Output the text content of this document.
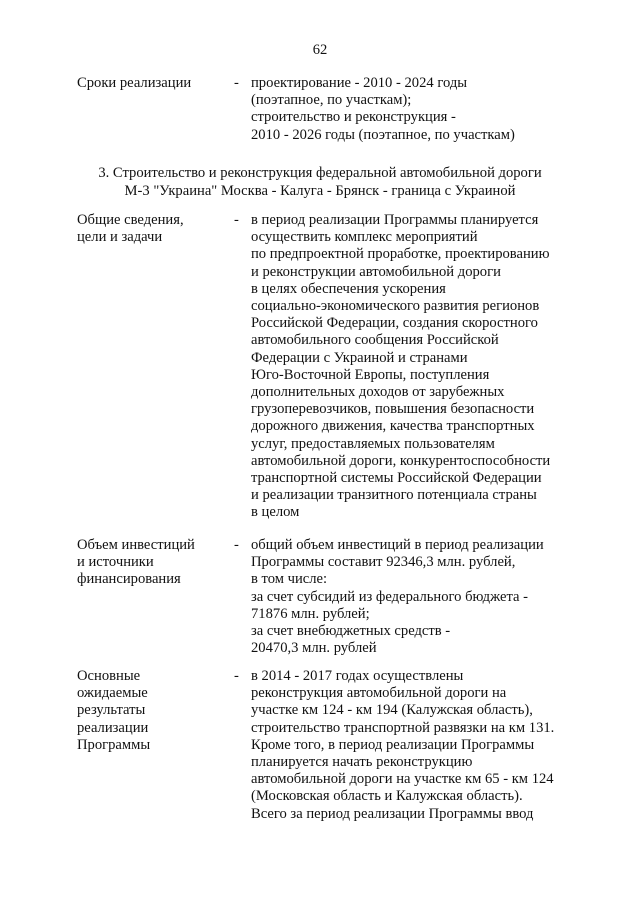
62
Сроки реализации	- проектирование - 2010 - 2024 годы
(поэтапное, по участкам);
строительство и реконструкция -
2010 - 2026 годы (поэтапное, по участкам)
3. Строительство и реконструкция федеральной автомобильной дороги
М-3 "Украина" Москва - Калуга - Брянск - граница с Украиной
Общие сведения,
цели и задачи
- в период реализации Программы планируется
осуществить комплекс мероприятий
по предпроектной проработке, проектированию
и реконструкции автомобильной дороги
в целях обеспечения ускорения
социально-экономического развития регионов
Российской Федерации, создания скоростного
автомобильного сообщения Российской
Федерации с Украиной и странами
Юго-Восточной Европы, поступления
дополнительных доходов от зарубежных
грузоперевозчиков, повышения безопасности
дорожного движения, качества транспортных
услуг, предоставляемых пользователям
автомобильной дороги, конкурентоспособности
транспортной системы Российской Федерации
и реализации транзитного потенциала страны
в целом
Объем инвестиций
и источники
финансирования
- общий объем инвестиций в период реализации
Программы составит 92346,3 млн. рублей,
в том числе:
за счет субсидий из федерального бюджета -
71876 млн. рублей;
за счет внебюджетных средств -
20470,3 млн. рублей
Основные
ожидаемые
результаты
реализации
Программы
- в 2014 - 2017 годах осуществлены
реконструкция автомобильной дороги на
участке км 124 - км 194 (Калужская область),
строительство транспортной развязки на км 131.
Кроме того, в период реализации Программы
планируется начать реконструкцию
автомобильной дороги на участке км 65 - км 124
(Московская область и Калужская область).
Всего за период реализации Программы ввод
